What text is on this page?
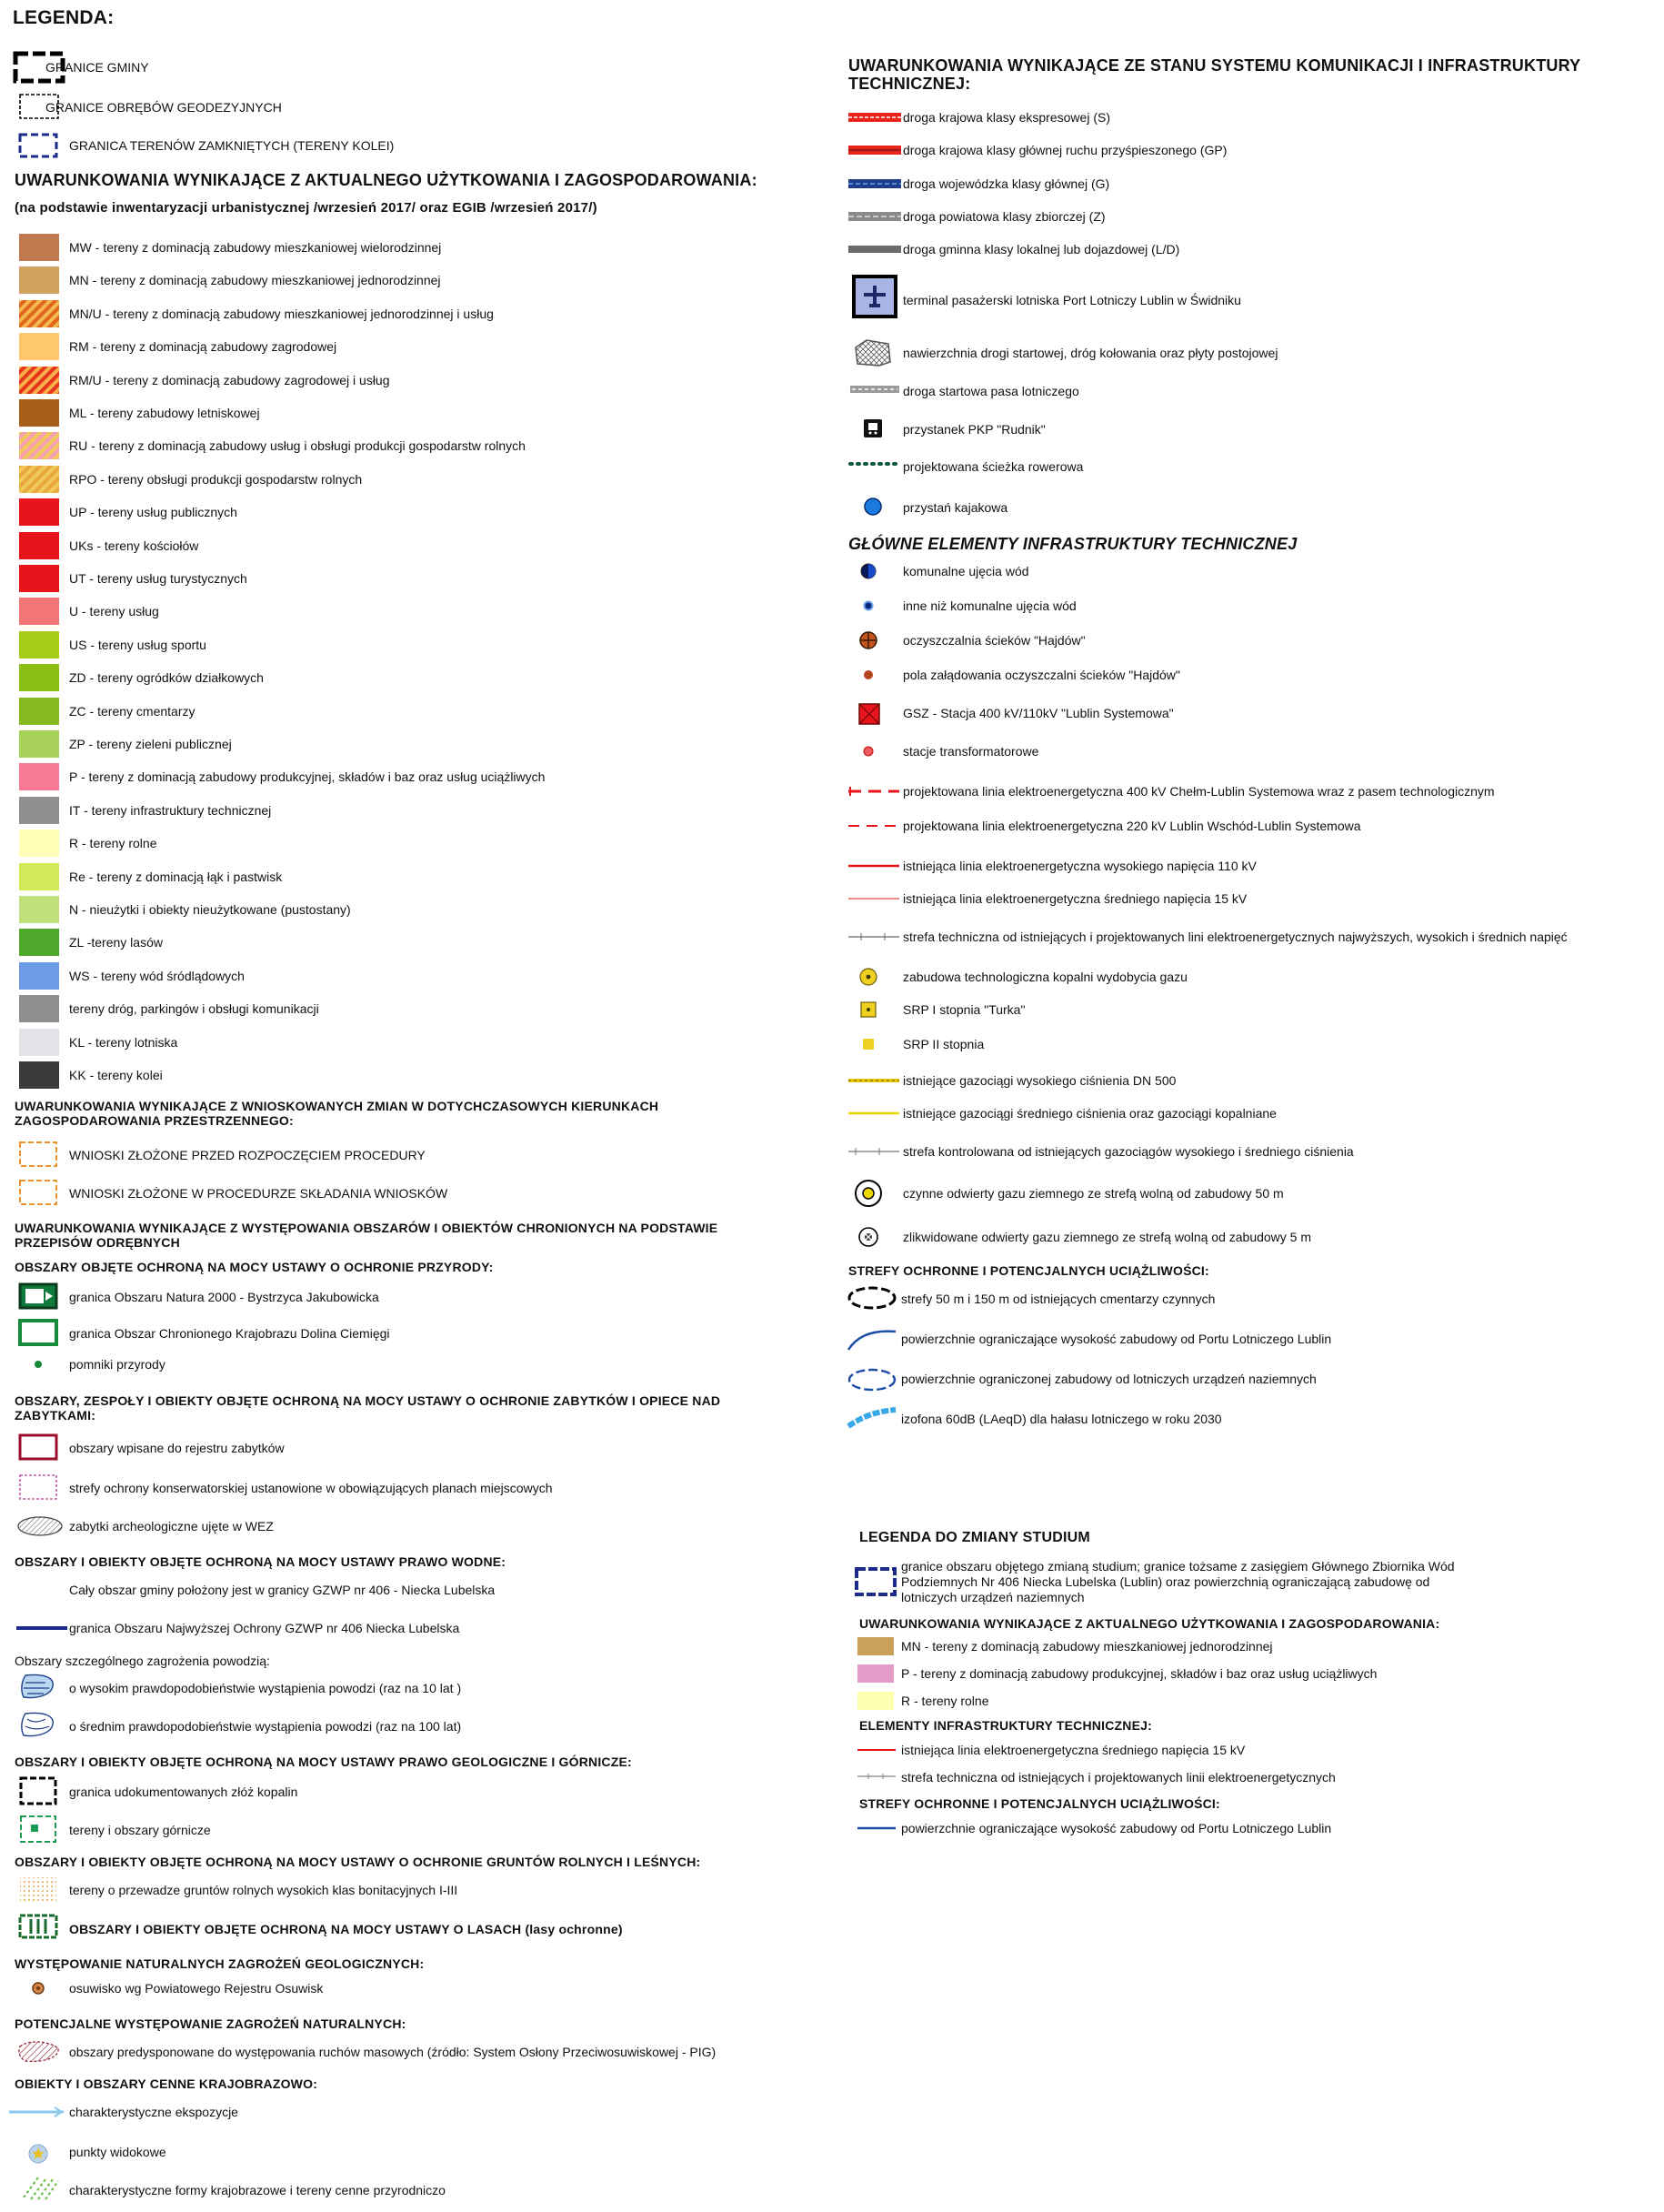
LEGENDA:
GRANICE GMINY
GRANICE OBRĘBÓW GEODEZYJNYCH
GRANICA TERENÓW ZAMKNIĘTYCH (TERENY KOLEI)
UWARUNKOWANIA WYNIKAJĄCE Z AKTUALNEGO UŻYTKOWANIA I ZAGOSPODAROWANIA:
(na podstawie inwentaryzacji urbanistycznej /wrzesień 2017/ oraz EGIB /wrzesień 2017/)
MW - tereny z dominacją zabudowy mieszkaniowej wielorodzinnej
MN - tereny z dominacją zabudowy mieszkaniowej jednorodzinnej
MN/U - tereny z dominacją zabudowy mieszkaniowej jednorodzinnej i usług
RM - tereny z dominacją zabudowy zagrodowej
RM/U - tereny z dominacją zabudowy zagrodowej i usług
ML - tereny zabudowy letniskowej
RU - tereny z dominacją zabudowy usług i obsługi produkcji gospodarstw rolnych
RPO - tereny obsługi produkcji gospodarstw rolnych
UP - tereny usług publicznych
UKs - tereny kościołów
UT - tereny usług turystycznych
U - tereny usług
US - tereny usług sportu
ZD - tereny ogródków działkowych
ZC - tereny cmentarzy
ZP - tereny zieleni publicznej
P - tereny z dominacją zabudowy produkcyjnej, składów i baz oraz usług uciążliwych
IT - tereny infrastruktury technicznej
R - tereny rolne
Re - tereny z dominacją łąk i pastwisk
N - nieużytki i obiekty nieużytkowane (pustostany)
ZL -tereny lasów
WS - tereny wód śródlądowych
tereny dróg, parkingów i obsługi komunikacji
KL - tereny lotniska
KK - tereny kolei
UWARUNKOWANIA WYNIKAJĄCE Z WNIOSKOWANYCH ZMIAN W DOTYCHCZASOWYCH KIERUNKACH ZAGOSPODAROWANIA PRZESTRZENNEGO:
WNIOSKI ZŁOŻONE PRZED ROZPOCZĘCIEM PROCEDURY
WNIOSKI ZŁOŻONE W PROCEDURZE SKŁADANIA WNIOSKÓW
UWARUNKOWANIA WYNIKAJĄCE Z WYSTĘPOWANIA OBSZARÓW I OBIEKTÓW CHRONIONYCH NA PODSTAWIE PRZEPISÓW ODRĘBNYCH
OBSZARY OBJĘTE OCHRONĄ NA MOCY USTAWY O OCHRONIE PRZYRODY:
granica Obszaru Natura 2000 - Bystrzyca Jakubowicka
granica Obszar Chronionego Krajobrazu Dolina Ciemięgi
pomniki przyrody
OBSZARY, ZESPOŁY I OBIEKTY OBJĘTE OCHRONĄ NA MOCY USTAWY O OCHRONIE ZABYTKÓW I OPIECE NAD ZABYTKAMI:
obszary wpisane do rejestru zabytków
strefy ochrony konserwatorskiej ustanowione w obowiązujących planach miejscowych
zabytki archeologiczne ujęte w WEZ
OBSZARY I OBIEKTY OBJĘTE OCHRONĄ NA MOCY USTAWY PRAWO WODNE:
Cały obszar gminy położony jest w granicy GZWP nr 406 - Niecka Lubelska
granica Obszaru Najwyższej Ochrony GZWP nr 406 Niecka Lubelska
Obszary szczególnego zagrożenia powodzią:
o wysokim prawdopodobieństwie wystąpienia powodzi (raz na 10 lat )
o średnim prawdopodobieństwie wystąpienia powodzi (raz na 100 lat)
OBSZARY I OBIEKTY OBJĘTE OCHRONĄ NA MOCY USTAWY PRAWO GEOLOGICZNE I GÓRNICZE:
granica udokumentowanych złóż kopalin
tereny i obszary górnicze
OBSZARY I OBIEKTY OBJĘTE OCHRONĄ NA MOCY USTAWY O OCHRONIE GRUNTÓW ROLNYCH I LEŚNYCH:
tereny o przewadze gruntów rolnych wysokich klas bonitacyjnych I-III
OBSZARY I OBIEKTY OBJĘTE OCHRONĄ NA MOCY USTAWY O LASACH (lasy ochronne)
WYSTĘPOWANIE NATURALNYCH ZAGROŻEŃ GEOLOGICZNYCH:
osuwisko wg Powiatowego Rejestru Osuwisk
POTENCJALNE WYSTĘPOWANIE ZAGROŻEŃ NATURALNYCH:
obszary predysponowane do występowania ruchów masowych (źródło: System Osłony Przeciwosuwiskowej - PIG)
OBIEKTY I OBSZARY CENNE KRAJOBRAZOWO:
charakterystyczne ekspozycje
punkty widokowe
charakterystyczne formy krajobrazowe i tereny cenne przyrodniczo
UWARUNKOWANIA WYNIKAJĄCE ZE STANU SYSTEMU KOMUNIKACJI I INFRASTRUKTURY TECHNICZNEJ:
droga krajowa klasy ekspresowej (S)
droga krajowa klasy głównej ruchu przyśpieszonego (GP)
droga wojewódzka klasy głównej (G)
droga powiatowa klasy zbiorczej (Z)
droga gminna klasy lokalnej lub dojazdowej (L/D)
terminal pasażerski lotniska Port Lotniczy Lublin w Świdniku
nawierzchnia drogi startowej, dróg kołowania oraz płyty postojowej
droga startowa pasa lotniczego
przystanek PKP "Rudnik"
projektowana ścieżka rowerowa
przystań kajakowa
GŁÓWNE ELEMENTY INFRASTRUKTURY TECHNICZNEJ
komunalne ujęcia wód
inne niż komunalne ujęcia wód
oczyszczalnia ścieków "Hajdów"
pola załądowania oczyszczalni ścieków "Hajdów"
GSZ - Stacja 400 kV/110kV "Lublin Systemowa"
stacje transformatorowe
projektowana linia elektroenergetyczna 400 kV Chełm-Lublin Systemowa wraz z pasem technologicznym
projektowana linia elektroenergetyczna 220 kV Lublin Wschód-Lublin Systemowa
istniejąca linia elektroenergetyczna wysokiego napięcia 110 kV
istniejąca linia elektroenergetyczna średniego napięcia 15 kV
strefa techniczna od istniejących i projektowanych lini elektroenergetycznych najwyższych, wysokich i średnich napięć
zabudowa technologiczna kopalni wydobycia gazu
SRP I stopnia "Turka"
SRP II stopnia
istniejące gazociągi wysokiego ciśnienia DN 500
istniejące gazociągi średniego ciśnienia oraz gazociągi kopalniane
strefa kontrolowana od istniejących gazociągów wysokiego i średniego ciśnienia
czynne odwierty gazu ziemnego ze strefą wolną od zabudowy 50 m
zlikwidowane odwierty gazu ziemnego ze strefą wolną od zabudowy 5 m
STREFY OCHRONNE I POTENCJALNYCH UCIĄŻLIWOŚCI:
strefy 50 m i 150 m od istniejących cmentarzy czynnych
powierzchnie ograniczające wysokość zabudowy od Portu Lotniczego Lublin
powierzchnie ograniczonej zabudowy od lotniczych urządzeń naziemnych
izofona 60dB (LAeqD) dla hałasu lotniczego w roku 2030
LEGENDA DO ZMIANY STUDIUM
granice obszaru objętego zmianą studium; granice tożsame z zasięgiem Głównego Zbiornika Wód
Podziemnych Nr 406 Niecka Lubelska (Lublin) oraz powierzchnią ograniczającą zabudowę od
lotniczych urządzeń naziemnych
UWARUNKOWANIA WYNIKAJĄCE Z AKTUALNEGO UŻYTKOWANIA I ZAGOSPODAROWANIA:
MN - tereny z dominacją zabudowy mieszkaniowej jednorodzinnej
P - tereny z dominacją zabudowy produkcyjnej, składów i baz oraz usług uciążliwych
R - tereny rolne
ELEMENTY INFRASTRUKTURY TECHNICZNEJ:
istniejąca linia elektroenergetyczna średniego napięcia 15 kV
strefa techniczna od istniejących i projektowanych linii elektroenergetycznych
STREFY OCHRONNE I POTENCJALNYCH UCIĄŻLIWOŚCI:
powierzchnie ograniczające wysokość zabudowy od Portu Lotniczego Lublin
